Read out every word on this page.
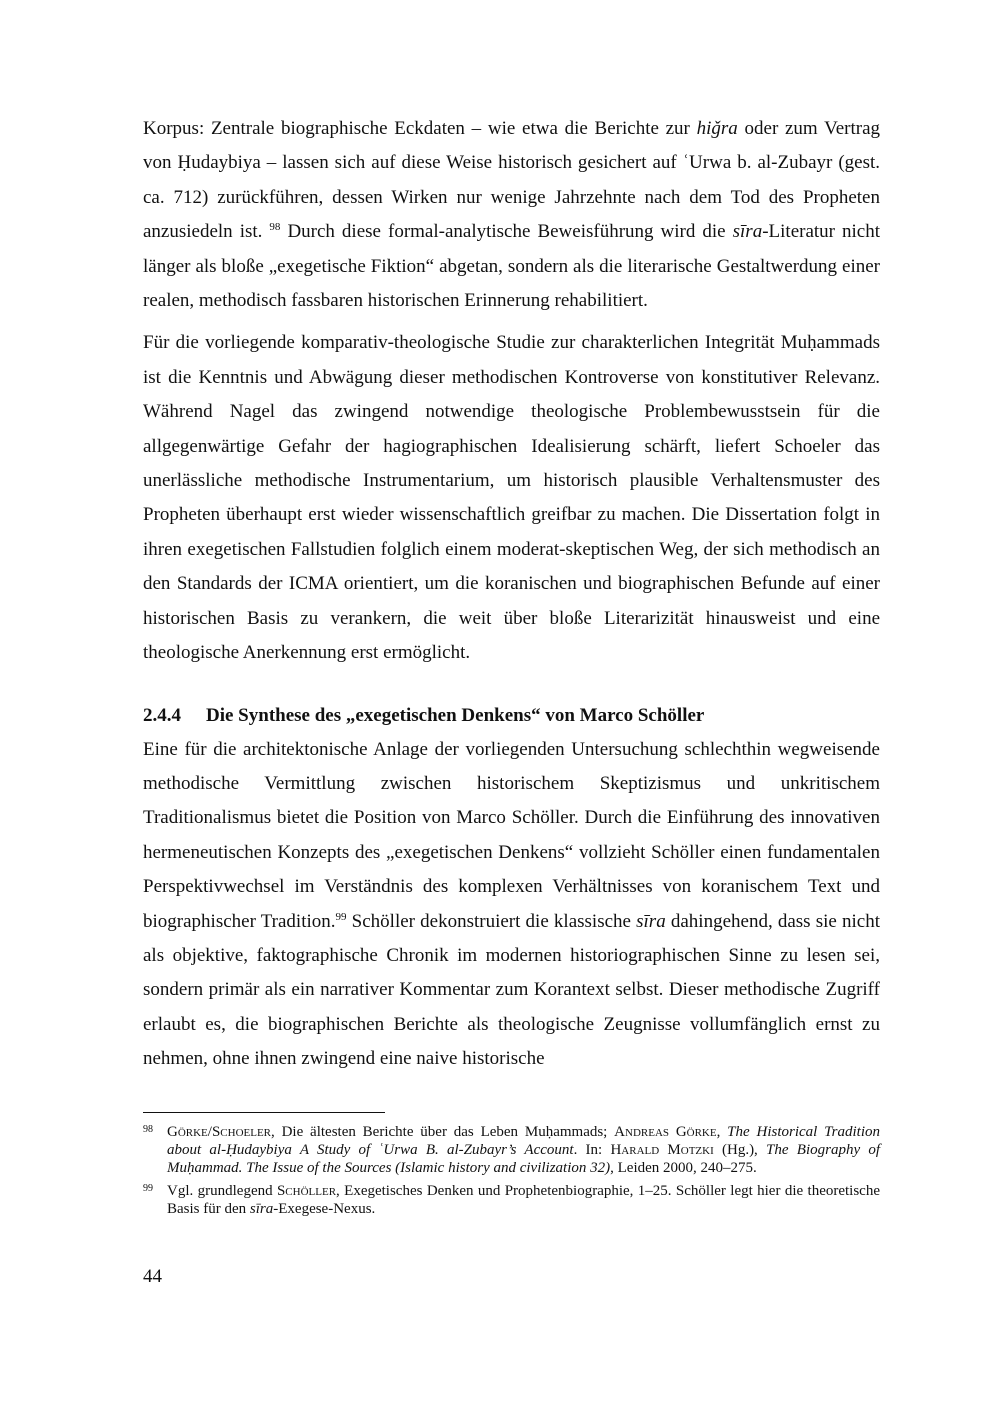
Korpus: Zentrale biographische Eckdaten – wie etwa die Berichte zur hiǧra oder zum Vertrag von Ḥudaybiya – lassen sich auf diese Weise historisch gesichert auf ʿUrwa b. al-Zubayr (gest. ca. 712) zurückführen, dessen Wirken nur wenige Jahrzehnte nach dem Tod des Propheten anzusiedeln ist. $^{98}$ Durch diese formal-analytische Beweisführung wird die sīra-Literatur nicht länger als bloße „exegetische Fiktion“ abgetan, sondern als die literarische Gestaltwerdung einer realen, methodisch fassbaren historischen Erinnerung rehabilitiert.

Für die vorliegende komparativ-theologische Studie zur charakterlichen Integrität Muḥammads ist die Kenntnis und Abwägung dieser methodischen Kontroverse von konstitutiver Relevanz. Während Nagel das zwingend notwendige theologische Problembewusstsein für die allgegenwärtige Gefahr der hagiographischen Idealisierung schärft, liefert Schoeler das unerlässliche methodische Instrumentarium, um historisch plausible Verhaltensmuster des Propheten überhaupt erst wieder wissenschaftlich greifbar zu machen. Die Dissertation folgt in ihren exegetischen Fallstudien folglich einem moderat-skeptischen Weg, der sich methodisch an den Standards der ICMA orientiert, um die koranischen und biographischen Befunde auf einer historischen Basis zu verankern, die weit über bloße Literarizität hinausweist und eine theologische Anerkennung erst ermöglicht.

2.4.4 Die Synthese des „exegetischen Denkens“ von Marco Schöller

Eine für die architektonische Anlage der vorliegenden Untersuchung schlechthin wegweisende methodische Vermittlung zwischen historischem Skeptizismus und unkritischem Traditionalismus bietet die Position von Marco Schöller. Durch die Einführung des innovativen hermeneutischen Konzepts des „exegetischen Denkens“ vollzieht Schöller einen fundamentalen Perspektivwechsel im Verständnis des komplexen Verhältnisses von koranischem Text und biographischer Tradition.$^{99}$ Schöller dekonstruiert die klassische sīra dahingehend, dass sie nicht als objektive, faktographische Chronik im modernen historiographischen Sinne zu lesen sei, sondern primär als ein narrativer Kommentar zum Korantext selbst. Dieser methodische Zugriff erlaubt es, die biographischen Berichte als theologische Zeugnisse vollumfänglich ernst zu nehmen, ohne ihnen zwingend eine naive historische

98 Görke/Schoeler, Die ältesten Berichte über das Leben Muḥammads; Andreas Görke, The Historical Tradition about al-Ḥudaybiya A Study of ʿUrwa B. al-Zubayr’s Account. In: Harald Motzki (Hg.), The Biography of Muḥammad. The Issue of the Sources (Islamic history and civilization 32), Leiden 2000, 240–275.
99 Vgl. grundlegend Schöller, Exegetisches Denken und Prophetenbiographie, 1–25. Schöller legt hier die theoretische Basis für den sīra-Exegese-Nexus.
44
